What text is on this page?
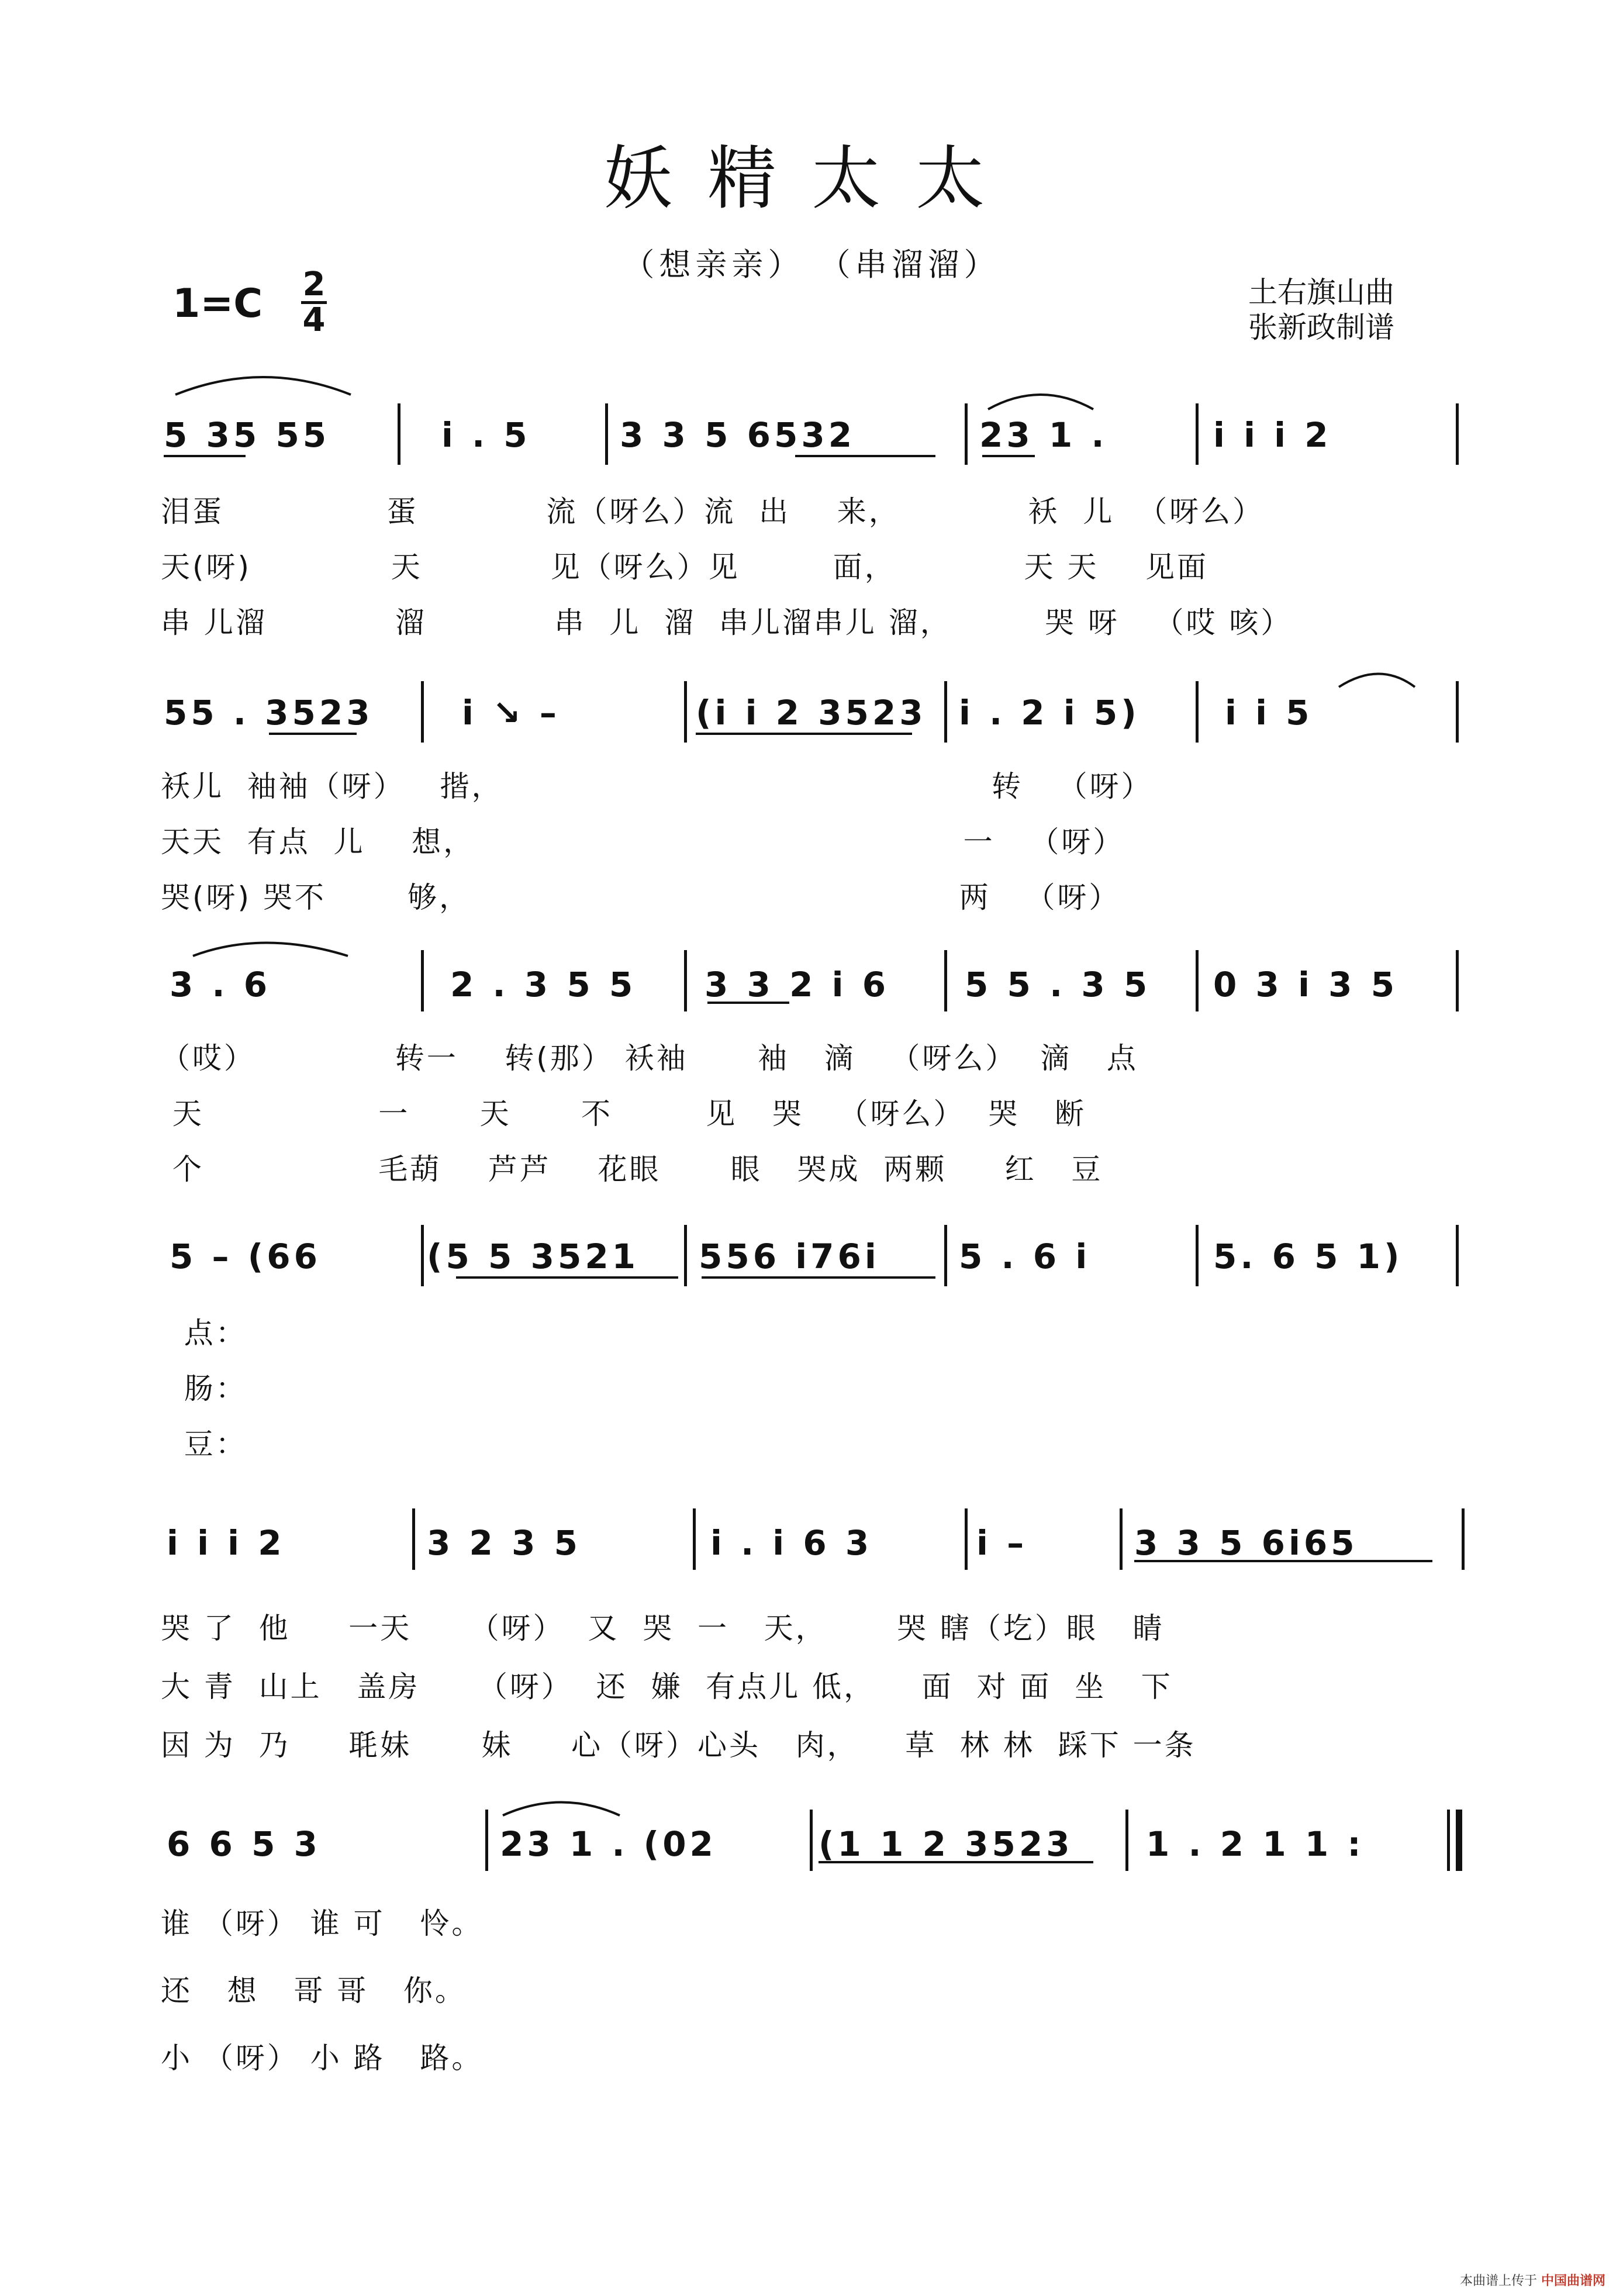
妖精太太
（想亲亲） （串溜溜）
1=C 2
4
土右旗山曲
张新政制谱
5 35 55	i . 5	3 3 5 6532	23 1 .	i i i 2
泪蛋              蛋           流（呀么）流  出    来，           袄  儿  （呀么）
天(呀)            天           见（呀么）见        面，           天 天    见面
串 儿溜           溜           串  儿  溜  串儿溜串儿 溜，        哭 呀   （哎 咳）
55 . 3523	i ↘ –	(i i 2 3523 i . 2 i 5)	i i 5
袄儿  袖袖（呀）   揩，                                          转   （呀）
天天  有点  儿    想，                                          一   （呀）
哭(呀) 哭不       够，                                          两   （呀）
3 . 6	2 . 3 5 5 3 3 2 i 6 5 5 . 3 5 0 3 i 3 5
（哎）            转一    转(那） 袄袖      袖   滴   （呀么）  滴   点
天               一      天      不        见   哭   （呀么）  哭   断
个               毛葫    芦芦    花眼      眼   哭成  两颗     红   豆
5 – (66	(5 5 3521 556 i76i 5 . 6 i	5. 6 5 1)
点：
肠：
豆：
i i i 2	3 2 3 5	i . i 6 3	i –	3 3 5 6i65
哭 了  他     一天     （呀）  又  哭  一   天，      哭 瞎（圪）眼   睛
大 青  山上   盖房     （呀）  还  嫌  有点儿 低，    面  对 面  坐   下
因 为  乃     毦妹      妹     心（呀）心头   肉，    草  林 林  踩下 一条
6 6 5 3	23 1 . (02	(1 1 2 3523 1 . 2 1 1 :
谁 （呀） 谁 可   怜。
还   想   哥 哥   你。
小 （呀） 小 路   路。
本曲谱上传于 中国曲谱网
